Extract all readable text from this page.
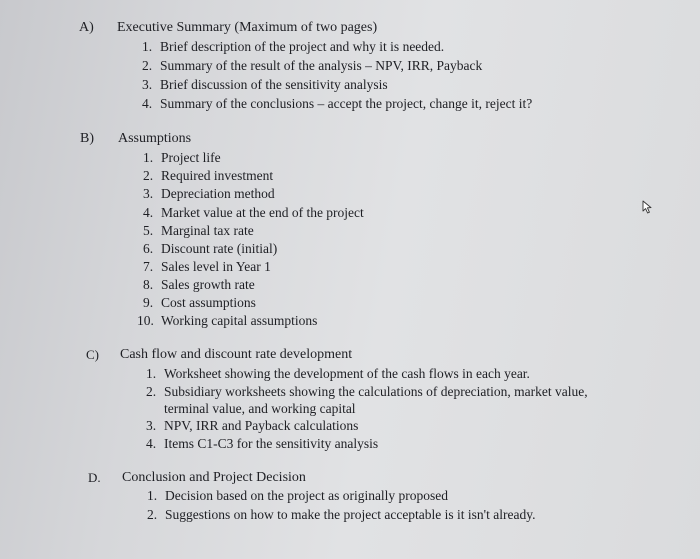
A) Executive Summary (Maximum of two pages)
1. Brief description of the project and why it is needed.
2. Summary of the result of the analysis – NPV, IRR, Payback
3. Brief discussion of the sensitivity analysis
4. Summary of the conclusions – accept the project, change it, reject it?
B) Assumptions
1. Project life
2. Required investment
3. Depreciation method
4. Market value at the end of the project
5. Marginal tax rate
6. Discount rate (initial)
7. Sales level in Year 1
8. Sales growth rate
9. Cost assumptions
10. Working capital assumptions
C) Cash flow and discount rate development
1. Worksheet showing the development of the cash flows in each year.
2. Subsidiary worksheets showing the calculations of depreciation, market value,
terminal value, and working capital
3. NPV, IRR and Payback calculations
4. Items C1-C3 for the sensitivity analysis
D. Conclusion and Project Decision
1. Decision based on the project as originally proposed
2. Suggestions on how to make the project acceptable is it isn't already.
